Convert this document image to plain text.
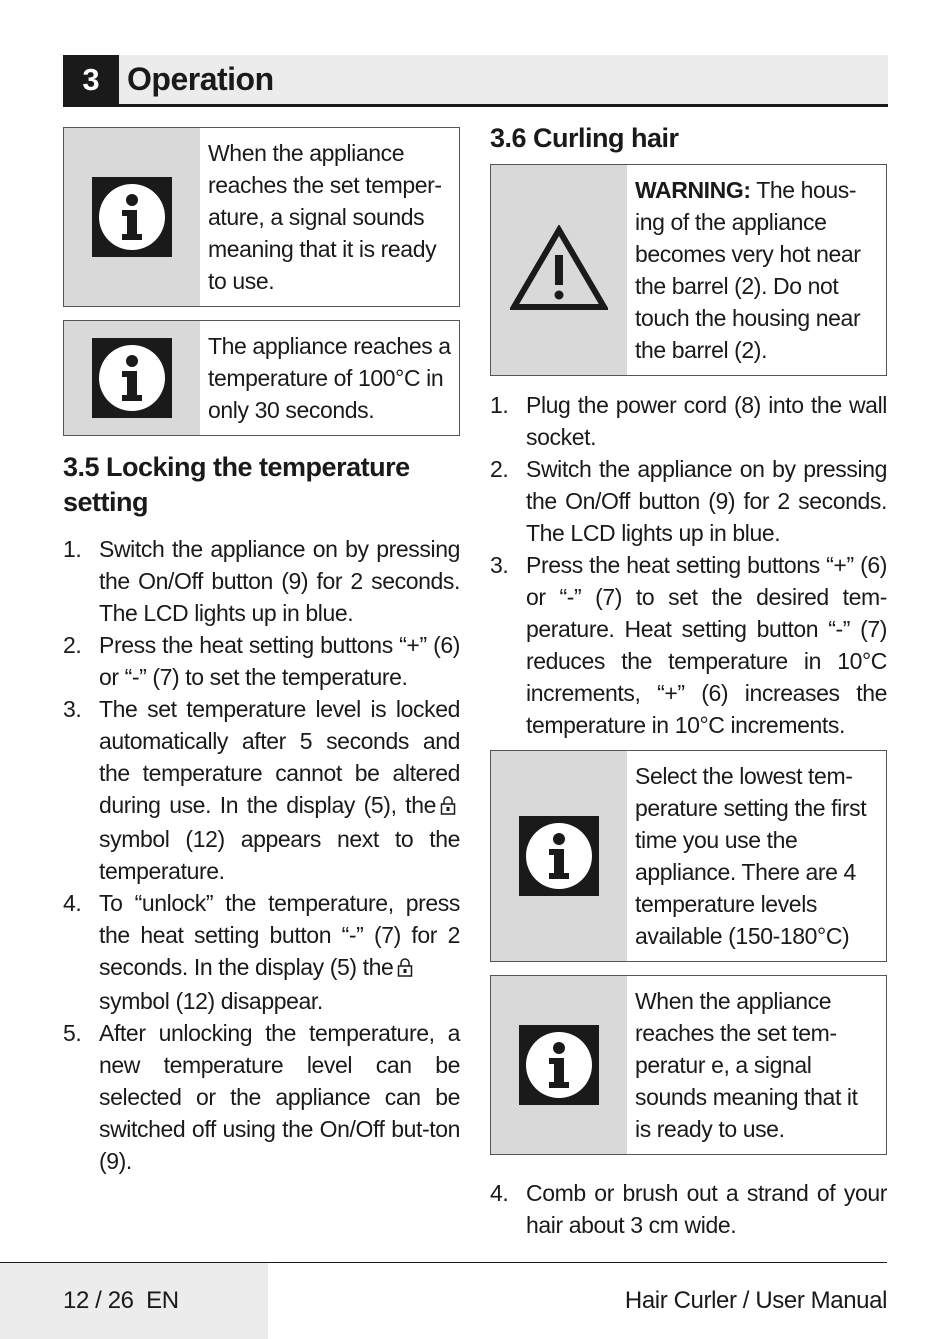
3 Operation
When the appliance reaches the set temper-ature, a signal sounds meaning that it is ready to use.
The appliance reaches a temperature of 100°C in only 30 seconds.
3.5 Locking the temperature setting
1. Switch the appliance on by pressing the On/Off button (9) for 2 seconds. The LCD lights up in blue.
2. Press the heat setting buttons “+” (6) or “-” (7) to set the temperature.
3. The set temperature level is locked automatically after 5 seconds and the temperature cannot be altered during use. In the display (5), thesymbol (12) appears next to the temperature.
4. To “unlock” the temperature, press the heat setting button “-” (7) for 2 seconds. In the display (5) the
symbol (12) disappear.
5. After unlocking the temperature, a new temperature level can be selected or the appliance can be switched off using the On/Off but-ton (9).
3.6 Curling hair
WARNING: The hous-ing of the appliance becomes very hot near the barrel (2). Do not touch the housing near the barrel (2).
1. Plug the power cord (8) into the wall socket.
2. Switch the appliance on by pressing the On/Off button (9) for 2 seconds. The LCD lights up in blue.
3. Press the heat setting buttons “+” (6) or “-” (7) to set the desired tem-perature. Heat setting button “-” (7) reduces the temperature in 10°C increments, “+” (6) increases the temperature in 10°C increments.
Select the lowest tem-perature setting the first time you use the appliance. There are 4 temperature levels available (150-180°C)
When the appliance reaches the set tem-peratur e, a signal sounds meaning that it is ready to use.
4. Comb or brush out a strand of your hair about 3 cm wide.
12 / 26  EN	Hair Curler / User Manual
